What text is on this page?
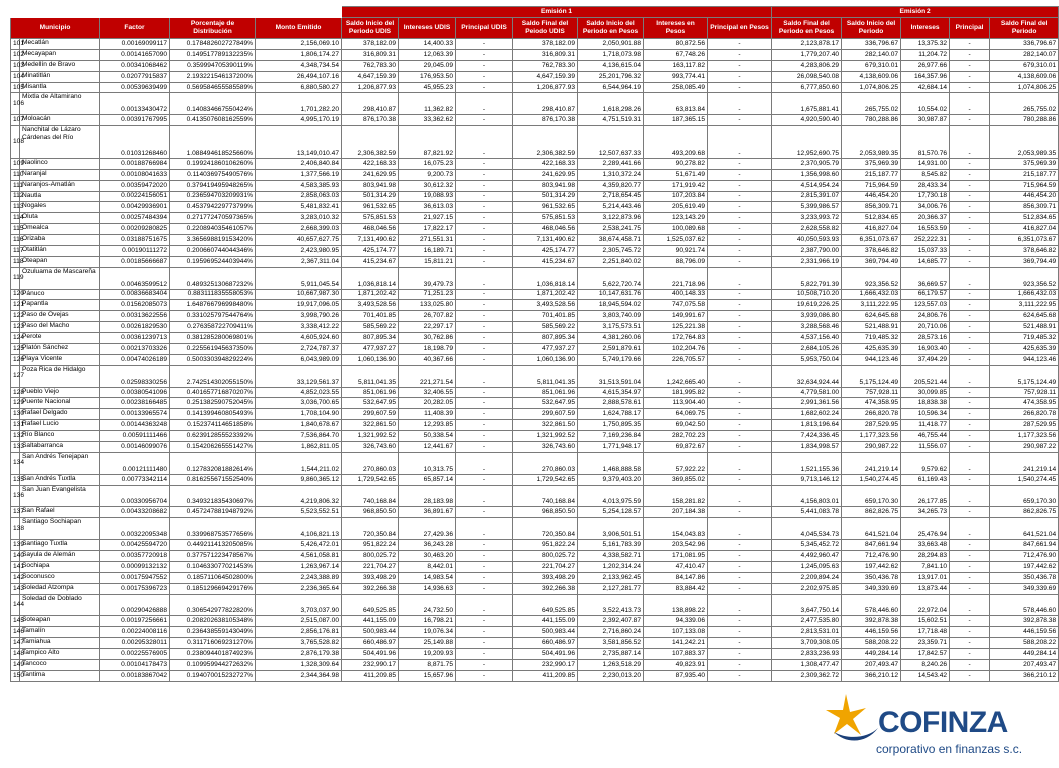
					Emisión 1							Emisión 2				
Municipio		Factor	Porcentaje de Distribución	Monto Emitido	Saldo Inicio del Periodo UDIS	Intereses UDIS	Principal UDIS	Saldo Final del Peiodo UDIS	Saldo Inicio del Periodo en Pesos	Intereses en Pesos	Principal en Pesos	Saldo Final del Periodo en Pesos	Saldo Inicio del Periodo	Intereses	Principal	Saldo Final del Periodo
101	Mecatlán	0.00169099117	0.178482602727849%	2,156,069.10	378,182.09	14,400.33	-	378,182.09	2,050,901.88	80,872.56	-	2,123,878.17	336,796.67	13,375.32	-	336,796.67
102	Mecayapan	0.00141657090	0.149517789132235%	1,806,174.27	316,809.31	12,063.39	-	316,809.31	1,718,073.98	67,748.26	-	1,779,207.40	282,140.07	11,204.72	-	282,140.07
103	Medellín de Bravo	0.00341068462	0.359994705390119%	4,348,734.54	762,783.30	29,045.09	-	762,783.30	4,136,615.04	163,117.82	-	4,283,806.29	679,310.01	26,977.66	-	679,310.01
104	Minatitlán	0.02077915837	2.193221546137200%	26,494,107.16	4,647,159.39	176,953.50	-	4,647,159.39	25,201,796.32	993,774.41	-	26,098,540.08	4,138,609.06	164,357.96	-	4,138,609.06
105	Misantla	0.00539639499	0.569584655585589%	6,880,580.27	1,206,877.93	45,955.23	-	1,206,877.93	6,544,964.19	258,085.49	-	6,777,850.60	1,074,806.25	42,684.14	-	1,074,806.25
106	Mixtla de Altamirano	0.00133430472	0.140834667550424%	1,701,282.20	298,410.87	11,362.82	-	298,410.87	1,618,298.26	63,813.84	-	1,675,881.41	265,755.02	10,554.02	-	265,755.02
107	Moloacán	0.00391767995	0.413507608162559%	4,995,170.19	876,170.38	33,362.62	-	876,170.38	4,751,519.31	187,365.15	-	4,920,590.40	780,288.86	30,987.87	-	780,288.86
108	Nanchital de Lázaro Cárdenas del Río	0.01031268460	1.088494618525660%	13,149,010.47	2,306,382.59	87,821.92	-	2,306,382.59	12,507,637.33	493,209.68	-	12,952,690.75	2,053,989.35	81,570.76	-	2,053,989.35
109	Naolinco	0.00188766984	0.199241860106260%	2,406,840.84	422,168.33	16,075.23	-	422,168.33	2,289,441.66	90,278.82	-	2,370,905.79	375,969.39	14,931.00	-	375,969.39
110	Naranjal	0.00108041633	0.114036975490576%	1,377,566.19	241,629.95	9,200.73	-	241,629.95	1,310,372.24	51,671.49	-	1,356,998.60	215,187.77	8,545.82	-	215,187.77
111	Naranjos-Amatlán	0.00359472020	0.379419495948265%	4,583,385.93	803,941.98	30,612.32	-	803,941.98	4,359,820.77	171,919.42	-	4,514,954.24	715,964.59	28,433.34	-	715,964.59
112	Nautla	0.00224156051	0.236594703209931%	2,858,063.03	501,314.29	19,088.93	-	501,314.29	2,718,654.45	107,203.84	-	2,815,391.07	446,454.20	17,730.18	-	446,454.20
113	Nogales	0.00429936901	0.453794229773799%	5,481,832.41	961,532.65	36,613.03	-	961,532.65	5,214,443.46	205,619.49	-	5,399,986.57	856,309.71	34,006.76	-	856,309.71
114	Oluta	0.00257484394	0.271772470597365%	3,283,010.32	575,851.53	21,927.15	-	575,851.53	3,122,873.96	123,143.29	-	3,233,993.72	512,834.65	20,366.37	-	512,834.65
115	Omealca	0.00209280825	0.220894035461057%	2,668,399.03	468,046.56	17,822.17	-	468,046.56	2,538,241.75	100,089.68	-	2,628,558.82	416,827.04	16,553.59	-	416,827.04
116	Orizaba	0.03188751675	3.365698819153420%	40,657,627.75	7,131,490.62	271,551.31	-	7,131,490.62	38,674,458.71	1,525,037.62	-	40,050,593.93	6,351,073.67	252,222.31	-	6,351,073.67
117	Otatitlán	0.00190111272	0.200660744044346%	2,423,980.95	425,174.77	16,189.71	-	425,174.77	2,305,745.72	90,921.74	-	2,387,790.00	378,646.82	15,037.33	-	378,646.82
118	Oteapan	0.00185666687	0.195969524403944%	2,367,311.04	415,234.67	15,811.21	-	415,234.67	2,251,840.02	88,796.09	-	2,331,966.19	369,794.49	14,685.77	-	369,794.49
119	Ozuluama de Mascareña	0.00463599512	0.489325130687232%	5,911,045.54	1,036,818.14	39,479.73	-	1,036,818.14	5,622,720.74	221,718.96	-	5,822,791.39	923,356.52	36,669.57	-	923,356.52
120	Pánuco	0.00836683404	0.883111835558053%	10,667,987.30	1,871,202.42	71,251.23	-	1,871,202.42	10,147,631.76	400,148.33	-	10,508,710.20	1,666,432.03	66,179.57	-	1,666,432.03
121	Papantla	0.01562085073	1.648766796998480%	19,917,096.05	3,493,528.56	133,025.80	-	3,493,528.56	18,945,594.02	747,075.58	-	19,619,226.25	3,111,222.95	123,557.03	-	3,111,222.95
122	Paso de Ovejas	0.00313622556	0.331025797544764%	3,998,790.26	701,401.85	26,707.82	-	701,401.85	3,803,740.09	149,991.67	-	3,939,086.80	624,645.68	24,806.76	-	624,645.68
123	Paso del Macho	0.00261829530	0.276358722709411%	3,338,412.22	585,569.22	22,297.17	-	585,569.22	3,175,573.51	125,221.38	-	3,288,568.46	521,488.91	20,710.06	-	521,488.91
124	Perote	0.00361239713	0.381285280069801%	4,605,924.60	807,895.34	30,762.86	-	807,895.34	4,381,260.06	172,764.83	-	4,537,156.40	719,485.32	28,573.16	-	719,485.32
125	Platón Sánchez	0.00213703326	0.225561945637350%	2,724,787.37	477,937.27	18,198.79	-	477,937.27	2,591,879.61	102,204.76	-	2,684,105.26	425,635.39	16,903.40	-	425,635.39
126	Playa Vicente	0.00474026189	0.500330394829224%	6,043,989.09	1,060,136.90	40,367.66	-	1,060,136.90	5,749,179.66	226,705.57	-	5,953,750.04	944,123.46	37,494.29	-	944,123.46
127	Poza Rica de Hidalgo	0.02598330256	2.742514302055150%	33,129,561.37	5,811,041.35	221,271.54	-	5,811,041.35	31,513,591.04	1,242,665.40	-	32,634,924.44	5,175,124.49	205,521.44	-	5,175,124.49
128	Pueblo Viejo	0.00380541096	0.401657716870207%	4,852,023.55	851,061.96	32,406.55	-	851,061.96	4,615,354.97	181,995.82	-	4,779,581.00	757,928.11	30,099.85	-	757,928.11
129	Puente Nacional	0.00238166485	0.251382590752045%	3,036,700.65	532,647.95	20,282.05	-	532,647.95	2,888,578.61	113,904.40	-	2,991,361.56	474,358.95	18,838.38	-	474,358.95
130	Rafael Delgado	0.00133965574	0.141399460805493%	1,708,104.90	299,607.59	11,408.39	-	299,607.59	1,624,788.17	64,069.75	-	1,682,602.24	266,820.78	10,596.34	-	266,820.78
131	Rafael Lucio	0.00144363248	0.152374114651858%	1,840,678.67	322,861.50	12,293.85	-	322,861.50	1,750,895.35	69,042.50	-	1,813,196.64	287,529.95	11,418.77	-	287,529.95
132	Río Blanco	0.00591111466	0.623912855523392%	7,536,864.70	1,321,992.52	50,338.54	-	1,321,992.52	7,169,236.84	282,702.23	-	7,424,336.45	1,177,323.56	46,755.44	-	1,177,323.56
133	Saltabarranca	0.00146099076	0.154206265551427%	1,862,811.05	326,743.60	12,441.67	-	326,743.60	1,771,948.17	69,872.67	-	1,834,998.57	290,987.22	11,556.07	-	290,987.22
134	San Andrés Tenejapan	0.00121111480	0.127832081882614%	1,544,211.02	270,860.03	10,313.75	-	270,860.03	1,468,888.58	57,922.22	-	1,521,155.36	241,219.14	9,579.62	-	241,219.14
135	San Andrés Tuxtla	0.00773342114	0.816255671552540%	9,860,365.12	1,729,542.65	65,857.14	-	1,729,542.65	9,379,403.20	369,855.02	-	9,713,146.12	1,540,274.45	61,169.43	-	1,540,274.45
136	San Juan Evangelista	0.00330956704	0.349321835430697%	4,219,806.32	740,168.84	28,183.98	-	740,168.84	4,013,975.59	158,281.82	-	4,156,803.01	659,170.30	26,177.85	-	659,170.30
137	San Rafael	0.00433208682	0.457247881948792%	5,523,552.51	968,850.50	36,891.67	-	968,850.50	5,254,128.57	207,184.38	-	5,441,083.78	862,826.75	34,265.73	-	862,826.75
138	Santiago Sochiapan	0.00322095348	0.339968753577656%	4,106,821.13	720,350.84	27,429.36	-	720,350.84	3,906,501.51	154,043.83	-	4,045,534.73	641,521.04	25,476.94	-	641,521.04
139	Santiago Tuxtla	0.00425594720	0.449211413205085%	5,426,472.01	951,822.24	36,243.28	-	951,822.24	5,161,783.39	203,542.96	-	5,345,452.72	847,661.94	33,663.48	-	847,661.94
140	Sayula de Alemán	0.00357720918	0.377571223478567%	4,561,058.81	800,025.72	30,463.20	-	800,025.72	4,338,582.71	171,081.95	-	4,492,960.47	712,476.90	28,294.83	-	712,476.90
141	Sochiapa	0.00099132132	0.104633077021453%	1,263,967.14	221,704.27	8,442.01	-	221,704.27	1,202,314.24	47,410.47	-	1,245,095.63	197,442.62	7,841.10	-	197,442.62
142	Soconusco	0.00175947552	0.185711064502800%	2,243,388.89	393,498.29	14,983.54	-	393,498.29	2,133,962.45	84,147.86	-	2,209,894.24	350,436.78	13,917.01	-	350,436.78
143	Soledad Atzompa	0.00175396723	0.185129669429176%	2,236,365.64	392,266.38	14,936.63	-	392,266.38	2,127,281.77	83,884.42	-	2,202,975.85	349,339.69	13,873.44	-	349,339.69
144	Soledad de Doblado	0.00290426888	0.306542977822820%	3,703,037.90	649,525.85	24,732.50	-	649,525.85	3,522,413.73	138,898.22	-	3,647,750.14	578,446.60	22,972.04	-	578,446.60
145	Soteapan	0.00197256661	0.208202638105348%	2,515,087.00	441,155.09	16,798.21	-	441,155.09	2,392,407.87	94,339.06	-	2,477,535.80	392,878.38	15,602.51	-	392,878.38
146	Tamalín	0.00224008116	0.236438559143049%	2,856,176.81	500,983.44	19,076.34	-	500,983.44	2,716,860.24	107,133.08	-	2,813,531.01	446,159.56	17,718.48	-	446,159.56
147	Tamiahua	0.00295328011	0.311716069231270%	3,765,528.82	660,486.97	25,149.88	-	660,486.97	3,581,856.52	141,242.21	-	3,709,308.05	588,208.22	23,359.71	-	588,208.22
148	Tampico Alto	0.00225576905	0.238094401874923%	2,876,179.38	504,491.96	19,209.93	-	504,491.96	2,735,887.14	107,883.37	-	2,833,236.93	449,284.14	17,842.57	-	449,284.14
149	Tancoco	0.00104178473	0.109959944272632%	1,328,309.64	232,990.17	8,871.75	-	232,990.17	1,263,518.29	49,823.91	-	1,308,477.47	207,493.47	8,240.26	-	207,493.47
150	Tantima	0.00183867042	0.194070015232727%	2,344,364.98	411,209.85	15,657.96	-	411,209.85	2,230,013.20	87,935.40	-	2,309,362.72	366,210.12	14,543.42	-	366,210.12
COFINZA
corporativo en finanzas s.c.
